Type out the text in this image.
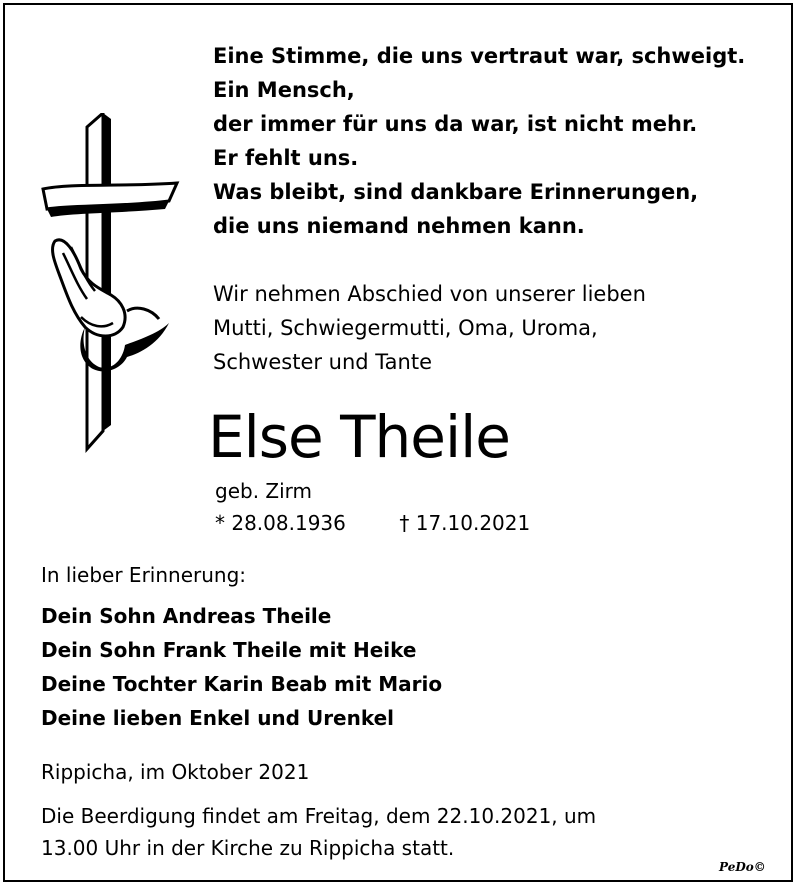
Eine Stimme, die uns vertraut war, schweigt.
Ein Mensch,
der immer für uns da war, ist nicht mehr.
Er fehlt uns.
Was bleibt, sind dankbare Erinnerungen,
die uns niemand nehmen kann.
Wir nehmen Abschied von unserer lieben
Mutti, Schwiegermutti, Oma, Uroma,
Schwester und Tante
Else Theile
geb. Zirm
* 28.08.1936	† 17.10.2021
In lieber Erinnerung:
Dein Sohn Andreas Theile
Dein Sohn Frank Theile mit Heike
Deine Tochter Karin Beab mit Mario
Deine lieben Enkel und Urenkel
Rippicha, im Oktober 2021
Die Beerdigung findet am Freitag, dem 22.10.2021, um
13.00 Uhr in der Kirche zu Rippicha statt.
PeDo©
